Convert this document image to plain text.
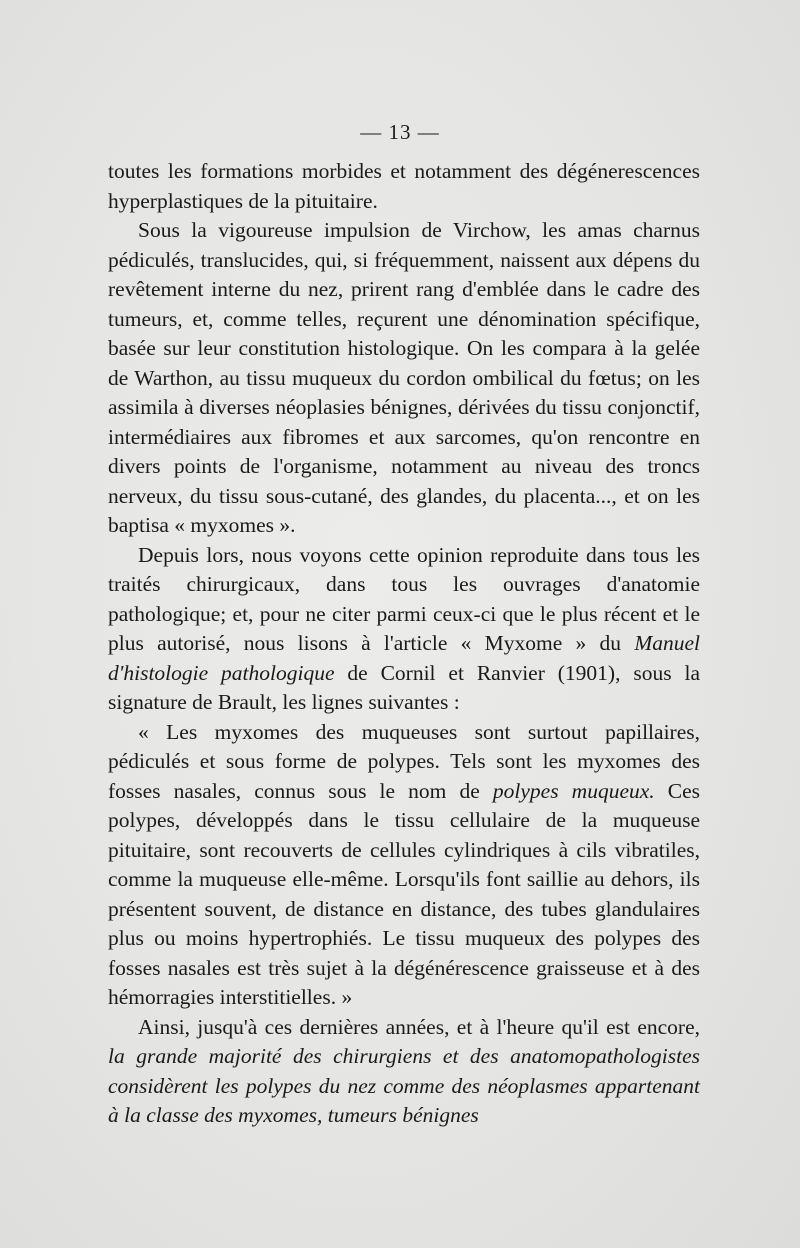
— 13 —

toutes les formations morbides et notamment des dégénerescences hyperplastiques de la pituitaire.

Sous la vigoureuse impulsion de Virchow, les amas charnus pédiculés, translucides, qui, si fréquemment, naissent aux dépens du revêtement interne du nez, prirent rang d'emblée dans le cadre des tumeurs, et, comme telles, reçurent une dénomination spécifique, basée sur leur constitution histologique. On les compara à la gelée de Warthon, au tissu muqueux du cordon ombilical du fœtus; on les assimila à diverses néoplasies bénignes, dérivées du tissu conjonctif, intermédiaires aux fibromes et aux sarcomes, qu'on rencontre en divers points de l'organisme, notamment au niveau des troncs nerveux, du tissu sous-cutané, des glandes, du placenta..., et on les baptisa « myxomes ».

Depuis lors, nous voyons cette opinion reproduite dans tous les traités chirurgicaux, dans tous les ouvrages d'anatomie pathologique; et, pour ne citer parmi ceux-ci que le plus récent et le plus autorisé, nous lisons à l'article « Myxome » du Manuel d'histologie pathologique de Cornil et Ranvier (1901), sous la signature de Brault, les lignes suivantes :

« Les myxomes des muqueuses sont surtout papillaires, pédiculés et sous forme de polypes. Tels sont les myxomes des fosses nasales, connus sous le nom de polypes muqueux. Ces polypes, développés dans le tissu cellulaire de la muqueuse pituitaire, sont recouverts de cellules cylindriques à cils vibratiles, comme la muqueuse elle-même. Lorsqu'ils font saillie au dehors, ils présentent souvent, de distance en distance, des tubes glandulaires plus ou moins hypertrophiés. Le tissu muqueux des polypes des fosses nasales est très sujet à la dégénérescence graisseuse et à des hémorragies interstitielles. »

Ainsi, jusqu'à ces dernières années, et à l'heure qu'il est encore, la grande majorité des chirurgiens et des anatomopathologistes considèrent les polypes du nez comme des néoplasmes appartenant à la classe des myxomes, tumeurs bénignes
